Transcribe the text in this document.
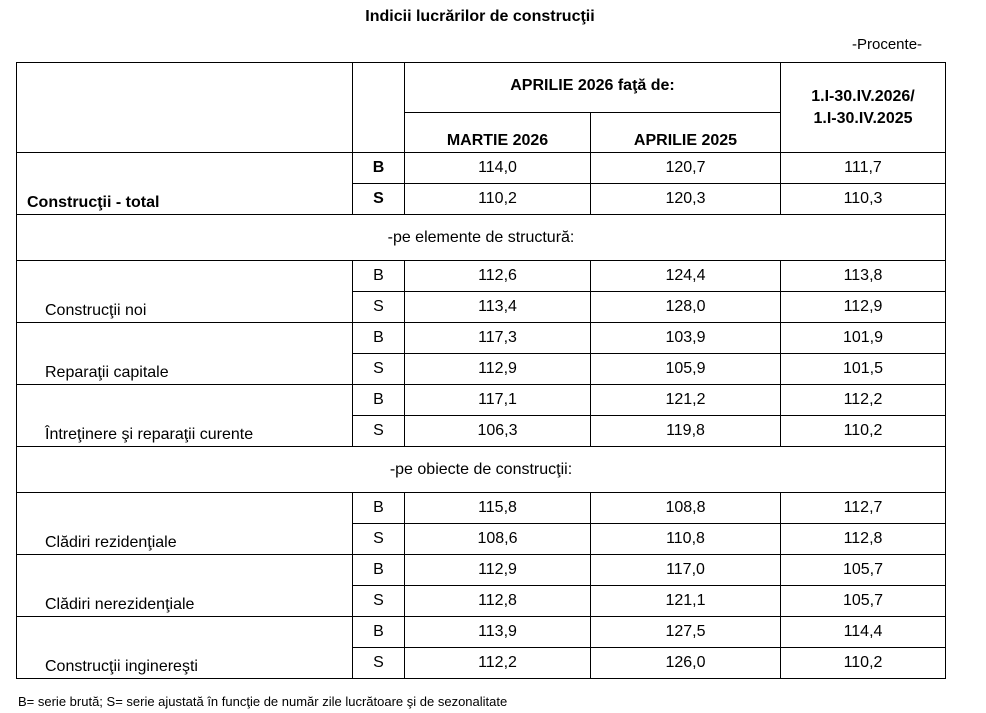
Indicii lucrărilor de construcţii
-Procente-
		APRILIE 2026 faţă de:		1.I-30.IV.2026/
1.I-30.IV.2025

		MARTIE 2026	APRILIE 2025	
Construcţii - total	B	114,0	120,7	111,7
	S	110,2	120,3	110,3
-pe elemente de structură:				
Construcţii noi	B	112,6	124,4	113,8
	S	113,4	128,0	112,9
Reparaţii capitale	B	117,3	103,9	101,9
	S	112,9	105,9	101,5
Întreţinere şi reparaţii curente	B	117,1	121,2	112,2
	S	106,3	119,8	110,2
-pe obiecte de construcţii:				
Clădiri rezidenţiale	B	115,8	108,8	112,7
	S	108,6	110,8	112,8
Clădiri nerezidenţiale	B	112,9	117,0	105,7
	S	112,8	121,1	105,7
Construcţii inginereşti	B	113,9	127,5	114,4
	S	112,2	126,0	110,2
B= serie brută; S= serie ajustată în funcţie de număr zile lucrătoare şi de sezonalitate
